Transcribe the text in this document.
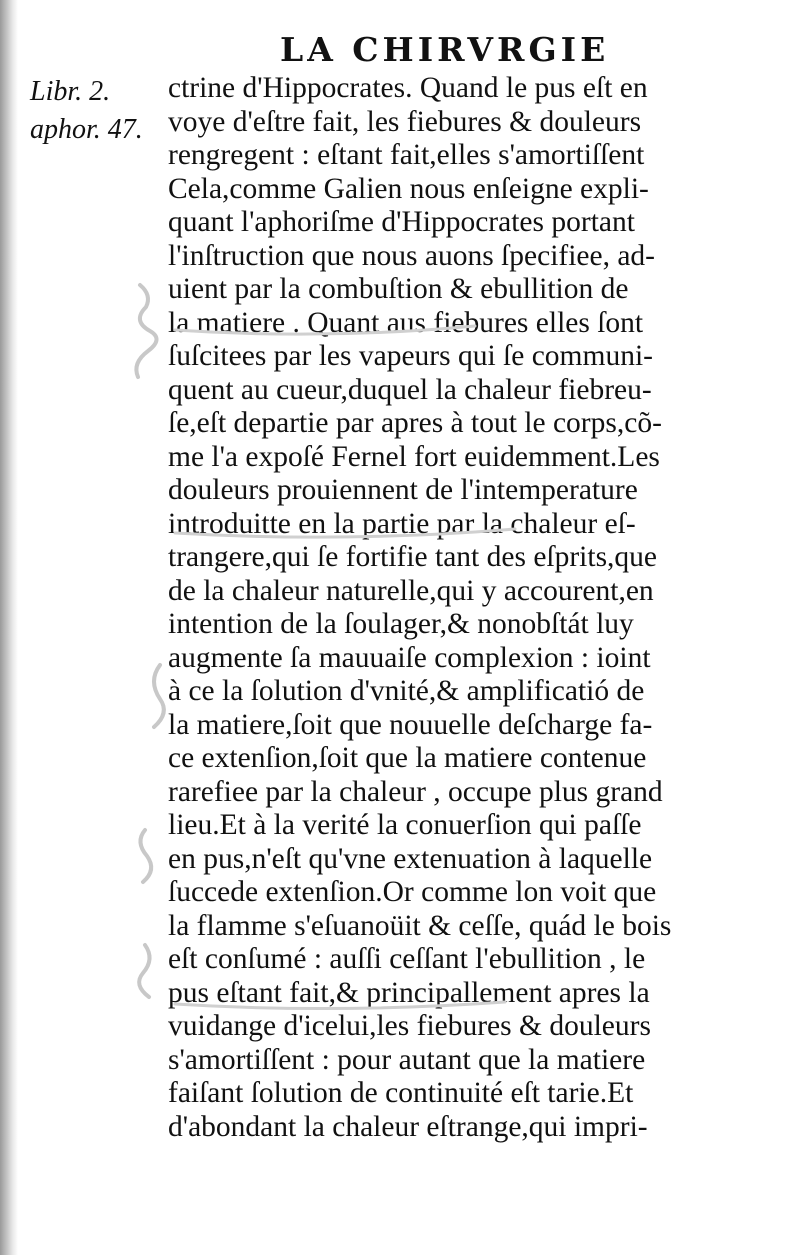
LA CHIRVRGIE
Libr. 2.
aphor. 47.
ctrine d'Hippocrates. Quand le pus eſt en
voye d'eſtre fait, les fiebures & douleurs
rengregent : eſtant fait,elles s'amortiſſent
Cela,comme Galien nous enſeigne expli-
quant l'aphoriſme d'Hippocrates portant
l'inſtruction que nous auons ſpecifiee, ad-
uient par la combuſtion & ebullition de
la matiere . Quant aus fiebures elles ſont
ſuſcitees par les vapeurs qui ſe communi-
quent au cueur,duquel la chaleur fiebreu-
ſe,eſt departie par apres à tout le corps,cõ-
me l'a expoſé Fernel fort euidemment.Les
douleurs prouiennent de l'intemperature
introduitte en la partie par la chaleur eſ-
trangere,qui ſe fortifie tant des eſprits,que
de la chaleur naturelle,qui y accourent,en
intention de la ſoulager,& nonobſtát luy
augmente ſa mauuaiſe complexion : ioint
à ce la ſolution d'vnité,& amplificatió de
la matiere,ſoit que nouuelle deſcharge fa-
ce extenſion,ſoit que la matiere contenue
rarefiee par la chaleur , occupe plus grand
lieu.Et à la verité la conuerſion qui paſſe
en pus,n'eſt qu'vne extenuation à laquelle
ſuccede extenſion.Or comme lon voit que
la flamme s'eſuanoüit & ceſſe, quád le bois
eſt conſumé : auſſi ceſſant l'ebullition , le
pus eſtant fait,& principallement apres la
vuidange d'icelui,les fiebures & douleurs
s'amortiſſent : pour autant que la matiere
faiſant ſolution de continuité eſt tarie.Et
d'abondant la chaleur eſtrange,qui impri-
